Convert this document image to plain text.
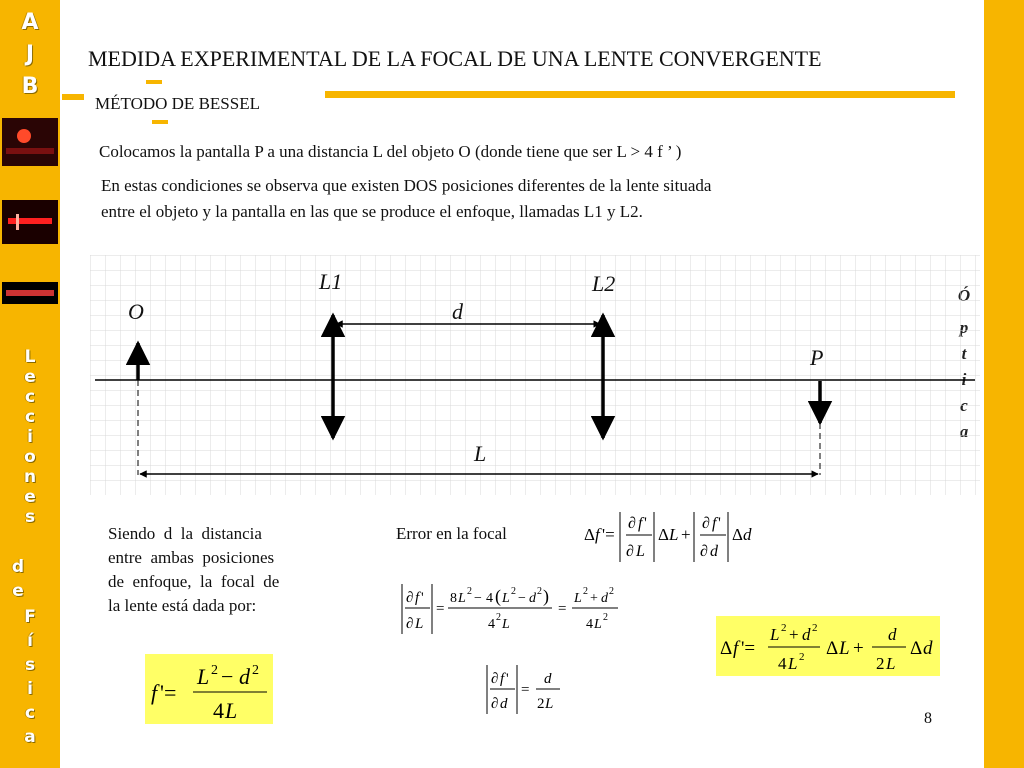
A
J
B
L
e
c
c
i
o
n
e
s
d
e
F
í
s
i
c
a
MEDIDA EXPERIMENTAL DE LA FOCAL DE UNA LENTE CONVERGENTE
MÉTODO DE BESSEL
Colocamos la pantalla P a una distancia L del objeto O (donde tiene que ser L > 4 f ’ )
En estas condiciones se observa que existen DOS posiciones diferentes de la lente situada
entre el objeto y la pantalla en las que se produce el enfoque, llamadas L1 y L2.
O
L1	L2
d
P
L
Siendo  d  la  distancia
entre  ambas  posiciones
de  enfoque,  la  focal  de
la lente está dada por:
Error en la focal
f '=
L 2 − d 2
4 L
Δ f '=
∂ f '
∂ L
Δ L +
∂ f '
∂ d
Δ d
∂ f '
∂ L
=
8 L 2 − 4 ( L 2 − d 2 )
4 2 L
=
L 2 + d 2
4 L 2
∂ f '
∂ d
=
d
2 L
Δ f '=
L 2 + d 2
4 L 2 Δ L +
d
2 L
Δ d
8
